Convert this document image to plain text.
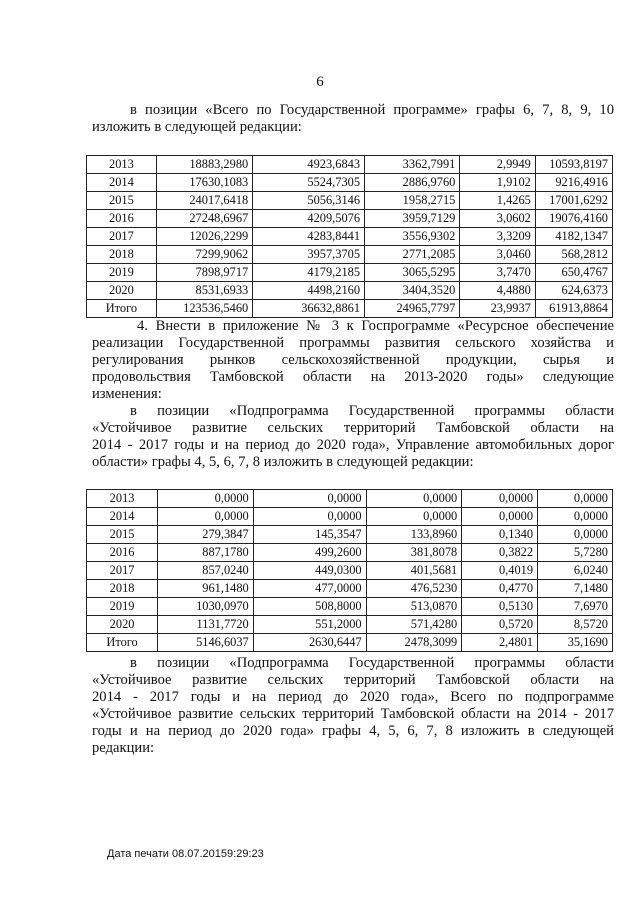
6
в позиции «Всего по Государственной программе» графы 6, 7, 8, 9, 10
изложить в следующей редакции:
2013	18883,2980	4923,6843	3362,7991	2,9949	10593,8197
2014	17630,1083	5524,7305	2886,9760	1,9102	9216,4916
2015	24017,6418	5056,3146	1958,2715	1,4265	17001,6292
2016	27248,6967	4209,5076	3959,7129	3,0602	19076,4160
2017	12026,2299	4283,8441	3556,9302	3,3209	4182,1347
2018	7299,9062	3957,3705	2771,2085	3,0460	568,2812
2019	7898,9717	4179,2185	3065,5295	3,7470	650,4767
2020	8531,6933	4498,2160	3404,3520	4,4880	624,6373
Итого	123536,5460	36632,8861	24965,7797	23,9937	61913,8864
4. Внести в приложение № 3 к Госпрограмме «Ресурсное обеспечение
реализации Государственной программы развития сельского хозяйства и
регулирования рынков сельскохозяйственной продукции, сырья и
продовольствия Тамбовской области на 2013-2020 годы» следующие
изменения:
в позиции «Подпрограмма Государственной программы области
«Устойчивое развитие сельских территорий Тамбовской области на
2014 - 2017 годы и на период до 2020 года», Управление автомобильных дорог
области» графы 4, 5, 6, 7, 8 изложить в следующей редакции:
2013	0,0000	0,0000	0,0000	0,0000	0,0000
2014	0,0000	0,0000	0,0000	0,0000	0,0000
2015	279,3847	145,3547	133,8960	0,1340	0,0000
2016	887,1780	499,2600	381,8078	0,3822	5,7280
2017	857,0240	449,0300	401,5681	0,4019	6,0240
2018	961,1480	477,0000	476,5230	0,4770	7,1480
2019	1030,0970	508,8000	513,0870	0,5130	7,6970
2020	1131,7720	551,2000	571,4280	0,5720	8,5720
Итого	5146,6037	2630,6447	2478,3099	2,4801	35,1690
в позиции «Подпрограмма Государственной программы области
«Устойчивое развитие сельских территорий Тамбовской области на
2014 - 2017 годы и на период до 2020 года», Всего по подпрограмме
«Устойчивое развитие сельских территорий Тамбовской области на 2014 - 2017
годы и на период до 2020 года» графы 4, 5, 6, 7, 8 изложить в следующей
редакции:
Дата печати 08.07.20159:29:23
